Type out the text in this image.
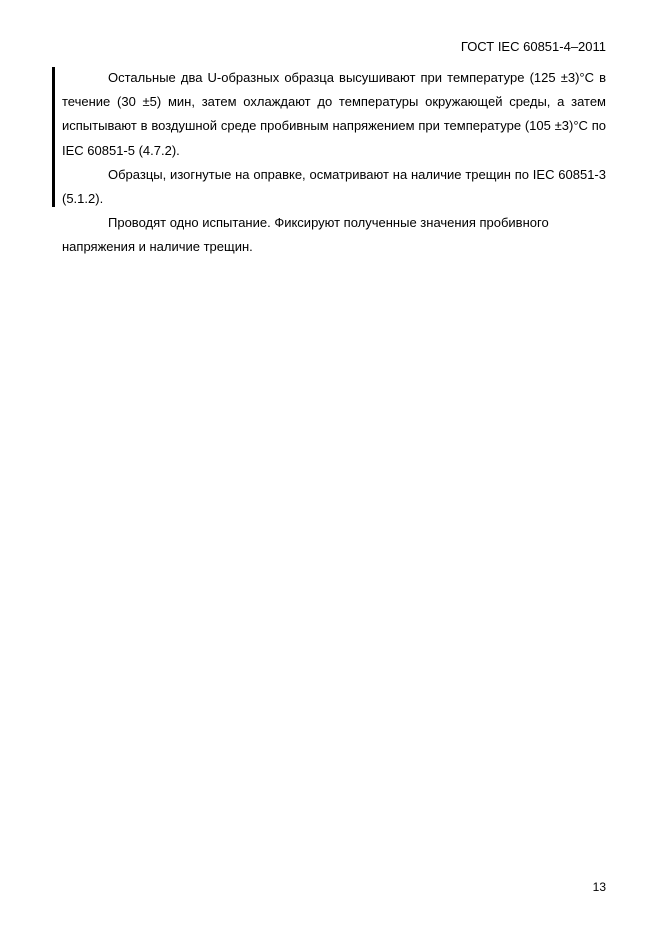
ГОСТ IEC 60851-4–2011

Остальные два U-образных образца высушивают при температуре (125 ±3)°С в течение (30 ±5) мин, затем охлаждают до температуры окружающей среды, а затем испытывают в воздушной среде пробивным напряжением при температуре (105 ±3)°С по IEC 60851-5 (4.7.2).

Образцы, изогнутые на оправке, осматривают на наличие трещин по IEC 60851-3 (5.1.2).

Проводят одно испытание. Фиксируют полученные значения пробивного напряжения и наличие трещин.

13
